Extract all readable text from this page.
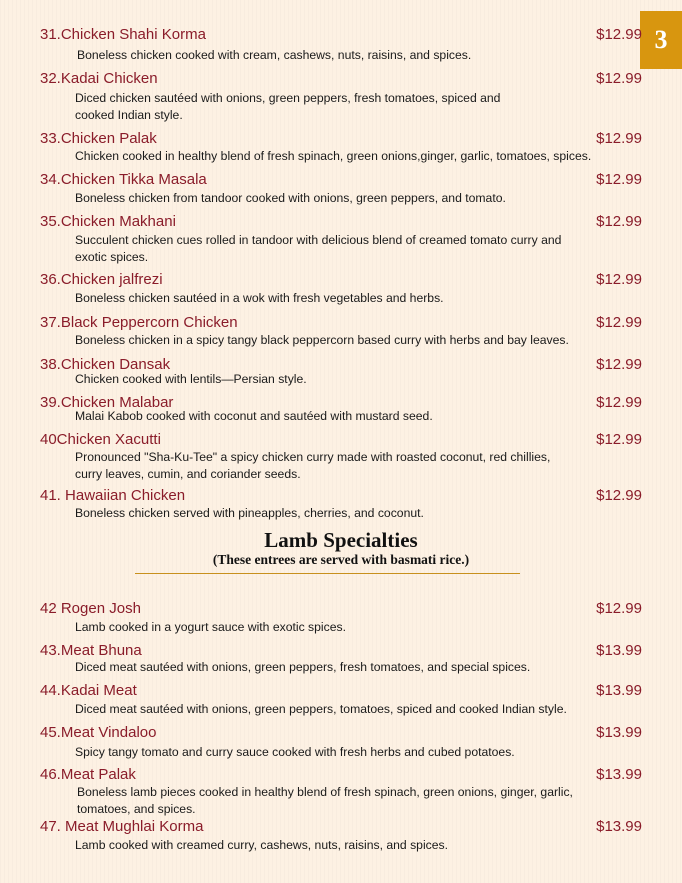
3
31.Chicken Shahi Korma	$12.99
Boneless chicken cooked with cream, cashews, nuts, raisins, and spices.
32.Kadai Chicken	$12.99
Diced chicken sautéed with onions, green peppers, fresh tomatoes, spiced and
cooked Indian style.
33.Chicken Palak	$12.99
Chicken cooked in healthy blend of fresh spinach, green onions,ginger, garlic, tomatoes, spices.
34.Chicken Tikka Masala	$12.99
Boneless chicken from tandoor cooked with onions, green peppers, and tomato.
35.Chicken Makhani	$12.99
Succulent chicken cues rolled in tandoor with delicious blend of creamed tomato curry and
exotic spices.
36.Chicken jalfrezi	$12.99
Boneless chicken sautéed in a wok with fresh vegetables and herbs.
37.Black Peppercorn Chicken	$12.99
Boneless chicken in a spicy tangy black peppercorn based curry with herbs and bay leaves.
38.Chicken Dansak	$12.99
Chicken cooked with lentils—Persian style.
39.Chicken Malabar	$12.99
Malai Kabob cooked with coconut and sautéed with mustard seed.
40Chicken Xacutti	$12.99
Pronounced "Sha-Ku-Tee" a spicy chicken curry made with roasted coconut, red chillies,
curry leaves, cumin, and coriander seeds.
41. Hawaiian Chicken	$12.99
Boneless chicken served with pineapples, cherries, and coconut.
Lamb Specialties
(These entrees are served with basmati rice.)
42 Rogen Josh	$12.99
Lamb cooked in a yogurt sauce with exotic spices.
43.Meat Bhuna	$13.99
Diced meat sautéed with onions, green peppers, fresh tomatoes, and special spices.
44.Kadai Meat	$13.99
Diced meat sautéed with onions, green peppers, tomatoes, spiced and cooked Indian style.
45.Meat Vindaloo	$13.99
Spicy tangy tomato and curry sauce cooked with fresh herbs and cubed potatoes.
46.Meat Palak	$13.99
Boneless lamb pieces cooked in healthy blend of fresh spinach, green onions, ginger, garlic,
tomatoes, and spices.
47. Meat Mughlai Korma	$13.99
Lamb cooked with creamed curry, cashews, nuts, raisins, and spices.
